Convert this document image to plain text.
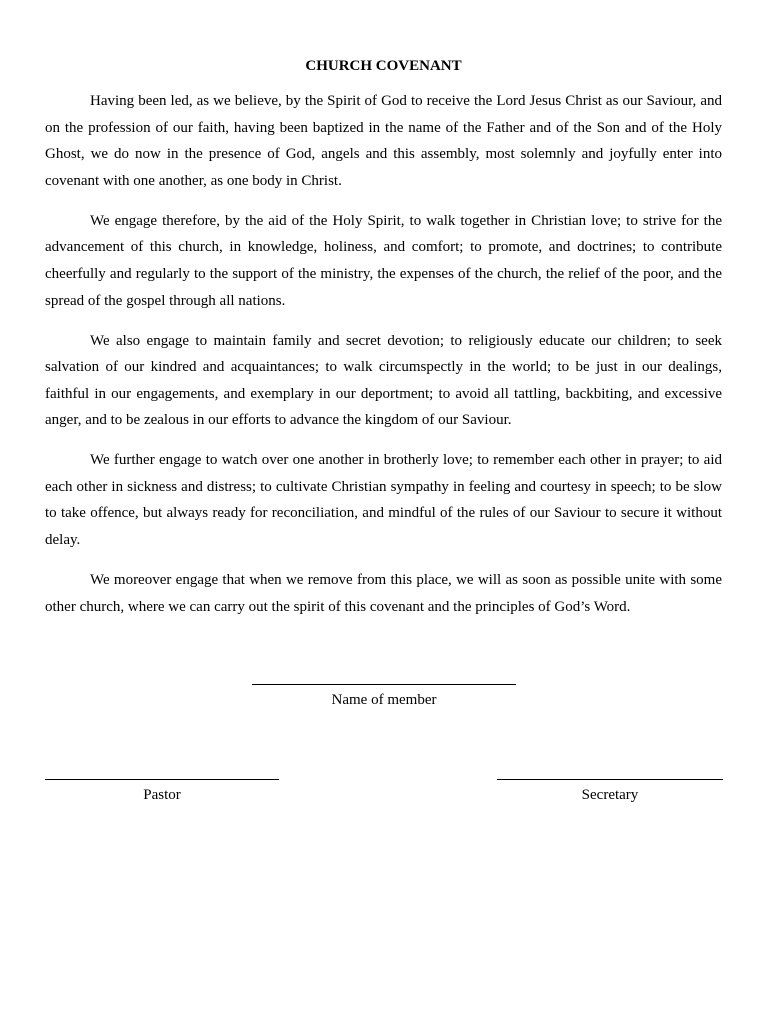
CHURCH COVENANT

Having been led, as we believe, by the Spirit of God to receive the Lord Jesus Christ as our Saviour, and on the profession of our faith, having been baptized in the name of the Father and of the Son and of the Holy Ghost, we do now in the presence of God, angels and this assembly, most solemnly and joyfully enter into covenant with one another, as one body in Christ.

We engage therefore, by the aid of the Holy Spirit, to walk together in Christian love; to strive for the advancement of this church, in knowledge, holiness, and comfort; to promote, and doctrines; to contribute cheerfully and regularly to the support of the ministry, the expenses of the church, the relief of the poor, and the spread of the gospel through all nations.

We also engage to maintain family and secret devotion; to religiously educate our children; to seek salvation of our kindred and acquaintances; to walk circumspectly in the world; to be just in our dealings, faithful in our engagements, and exemplary in our deportment; to avoid all tattling, backbiting, and excessive anger, and to be zealous in our efforts to advance the kingdom of our Saviour.

We further engage to watch over one another in brotherly love; to remember each other in prayer; to aid each other in sickness and distress; to cultivate Christian sympathy in feeling and courtesy in speech; to be slow to take offence, but always ready for reconciliation, and mindful of the rules of our Saviour to secure it without delay.

We moreover engage that when we remove from this place, we will as soon as possible unite with some other church, where we can carry out the spirit of this covenant and the principles of God’s Word.

Name of member
Pastor	Secretary
